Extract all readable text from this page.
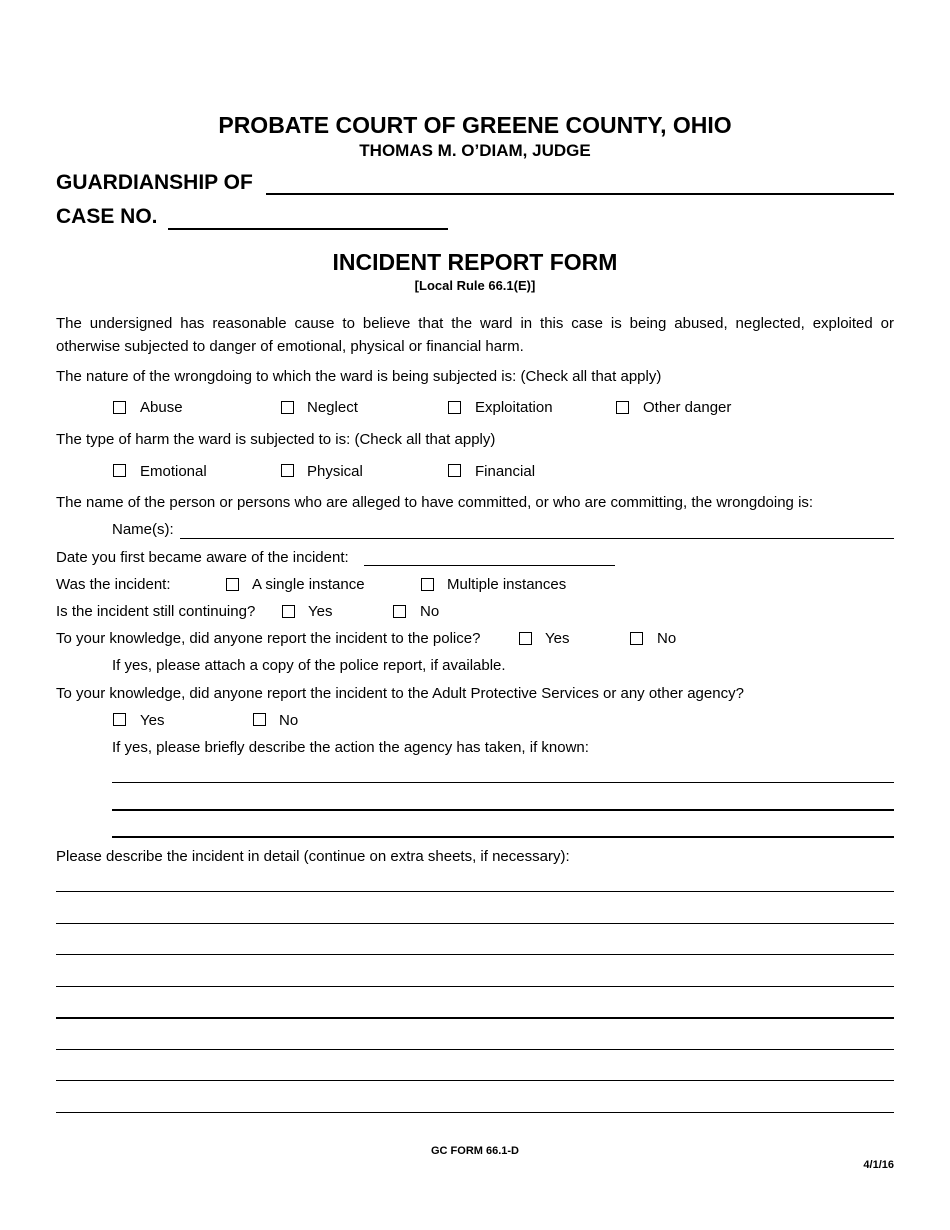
PROBATE COURT OF GREENE COUNTY, OHIO
THOMAS M. O’DIAM, JUDGE
GUARDIANSHIP OF
CASE NO.
INCIDENT REPORT FORM
[Local Rule 66.1(E)]
The undersigned has reasonable cause to believe that the ward in this case is being abused, neglected, exploited or otherwise subjected to danger of emotional, physical or financial harm.
The nature of the wrongdoing to which the ward is being subjected is: (Check all that apply)
Abuse	Neglect	Exploitation	Other danger
The type of harm the ward is subjected to is: (Check all that apply)
Emotional	Physical	Financial
The name of the person or persons who are alleged to have committed, or who are committing, the wrongdoing is:
Name(s):
Date you first became aware of the incident:
Was the incident:	A single instance	Multiple instances
Is the incident still continuing?	Yes	No
To your knowledge, did anyone report the incident to the police?	Yes	No
If yes, please attach a copy of the police report, if available.
To your knowledge, did anyone report the incident to the Adult Protective Services or any other agency?
Yes	No
If yes, please briefly describe the action the agency has taken, if known:
Please describe the incident in detail (continue on extra sheets, if necessary):
GC FORM 66.1-D
4/1/16
